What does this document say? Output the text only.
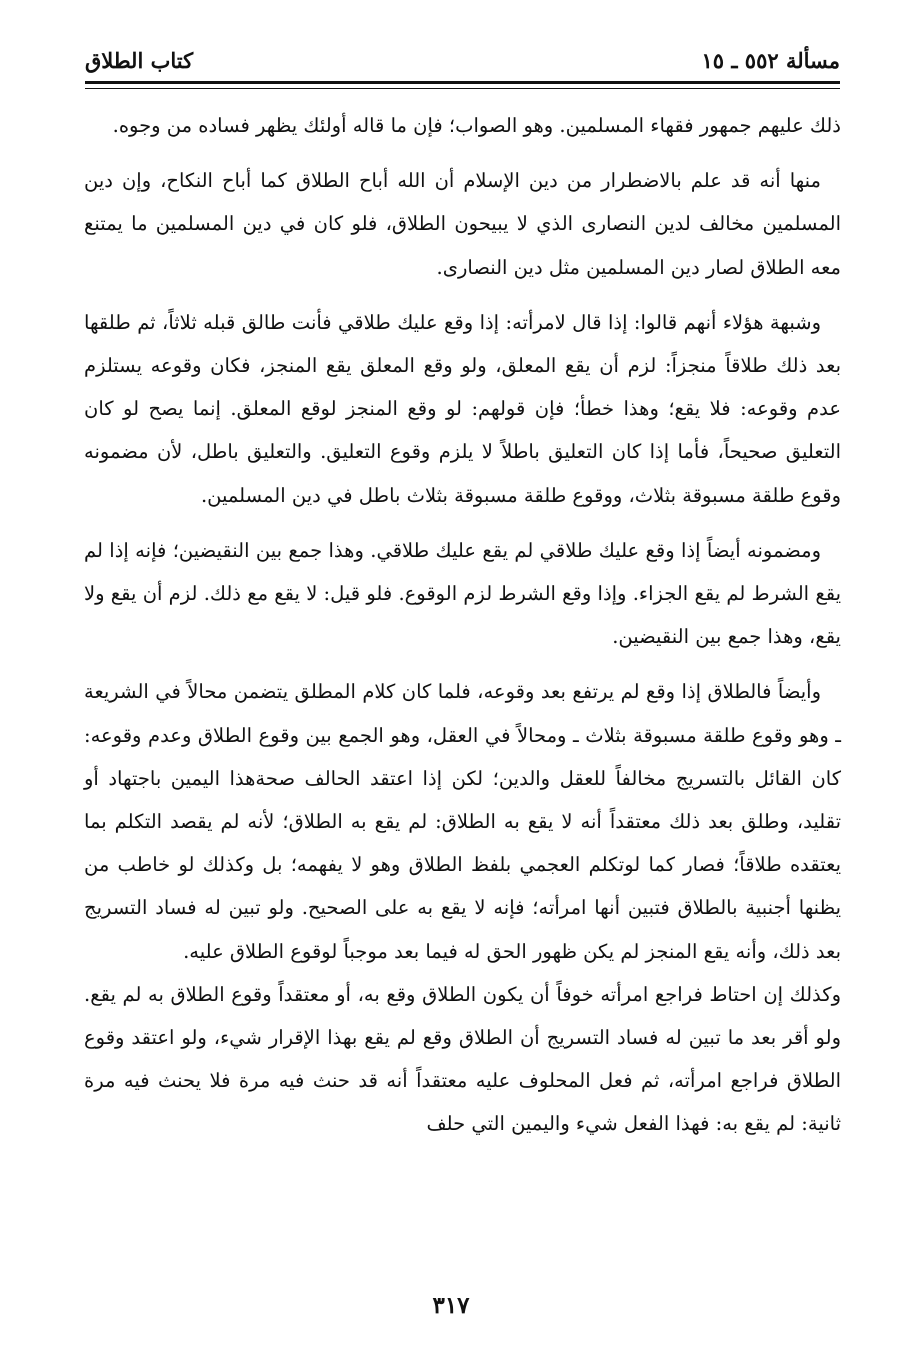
مسألة ٥٥٢ ـ ١٥
كتاب الطلاق

ذلك عليهم جمهور فقهاء المسلمين. وهو الصواب؛ فإن ما قاله أولئك يظهر فساده من وجوه.

منها أنه قد علم بالاضطرار من دين الإسلام أن الله أباح الطلاق كما أباح النكاح، وإن دين المسلمين مخالف لدين النصارى الذي لا يبيحون الطلاق، فلو كان في دين المسلمين ما يمتنع معه الطلاق لصار دين المسلمين مثل دين النصارى.

وشبهة هؤلاء أنهم قالوا: إذا قال لامرأته: إذا وقع عليك طلاقي فأنت طالق قبله ثلاثاً، ثم طلقها بعد ذلك طلاقاً منجزاً: لزم أن يقع المعلق، ولو وقع المعلق يقع المنجز، فكان وقوعه يستلزم عدم وقوعه: فلا يقع؛ وهذا خطأ؛ فإن قولهم: لو وقع المنجز لوقع المعلق. إنما يصح لو كان التعليق صحيحاً، فأما إذا كان التعليق باطلاً لا يلزم وقوع التعليق. والتعليق باطل، لأن مضمونه وقوع طلقة مسبوقة بثلاث، ووقوع طلقة مسبوقة بثلاث باطل في دين المسلمين.

ومضمونه أيضاً إذا وقع عليك طلاقي لم يقع عليك طلاقي. وهذا جمع بين النقيضين؛ فإنه إذا لم يقع الشرط لم يقع الجزاء. وإذا وقع الشرط لزم الوقوع. فلو قيل: لا يقع مع ذلك. لزم أن يقع ولا يقع، وهذا جمع بين النقيضين.

وأيضاً فالطلاق إذا وقع لم يرتفع بعد وقوعه، فلما كان كلام المطلق يتضمن محالاً في الشريعة ـ وهو وقوع طلقة مسبوقة بثلاث ـ ومحالاً في العقل، وهو الجمع بين وقوع الطلاق وعدم وقوعه: كان القائل بالتسريج مخالفاً للعقل والدين؛ لكن إذا اعتقد الحالف صحةهذا اليمين باجتهاد أو تقليد، وطلق بعد ذلك معتقداً أنه لا يقع به الطلاق: لم يقع به الطلاق؛ لأنه لم يقصد التكلم بما يعتقده طلاقاً؛ فصار كما لوتكلم العجمي بلفظ الطلاق وهو لا يفهمه؛ بل وكذلك لو خاطب من يظنها أجنبية بالطلاق فتبين أنها امرأته؛ فإنه لا يقع به على الصحيح. ولو تبين له فساد التسريج بعد ذلك، وأنه يقع المنجز لم يكن ظهور الحق له فيما بعد موجباً لوقوع الطلاق عليه.

وكذلك إن احتاط فراجع امرأته خوفاً أن يكون الطلاق وقع به، أو معتقداً وقوع الطلاق به لم يقع. ولو أقر بعد ما تبين له فساد التسريج أن الطلاق وقع لم يقع بهذا الإقرار شيء، ولو اعتقد وقوع الطلاق فراجع امرأته، ثم فعل المحلوف عليه معتقداً أنه قد حنث فيه مرة فلا يحنث فيه مرة ثانية: لم يقع به: فهذا الفعل شيء واليمين التي حلف

٣١٧
